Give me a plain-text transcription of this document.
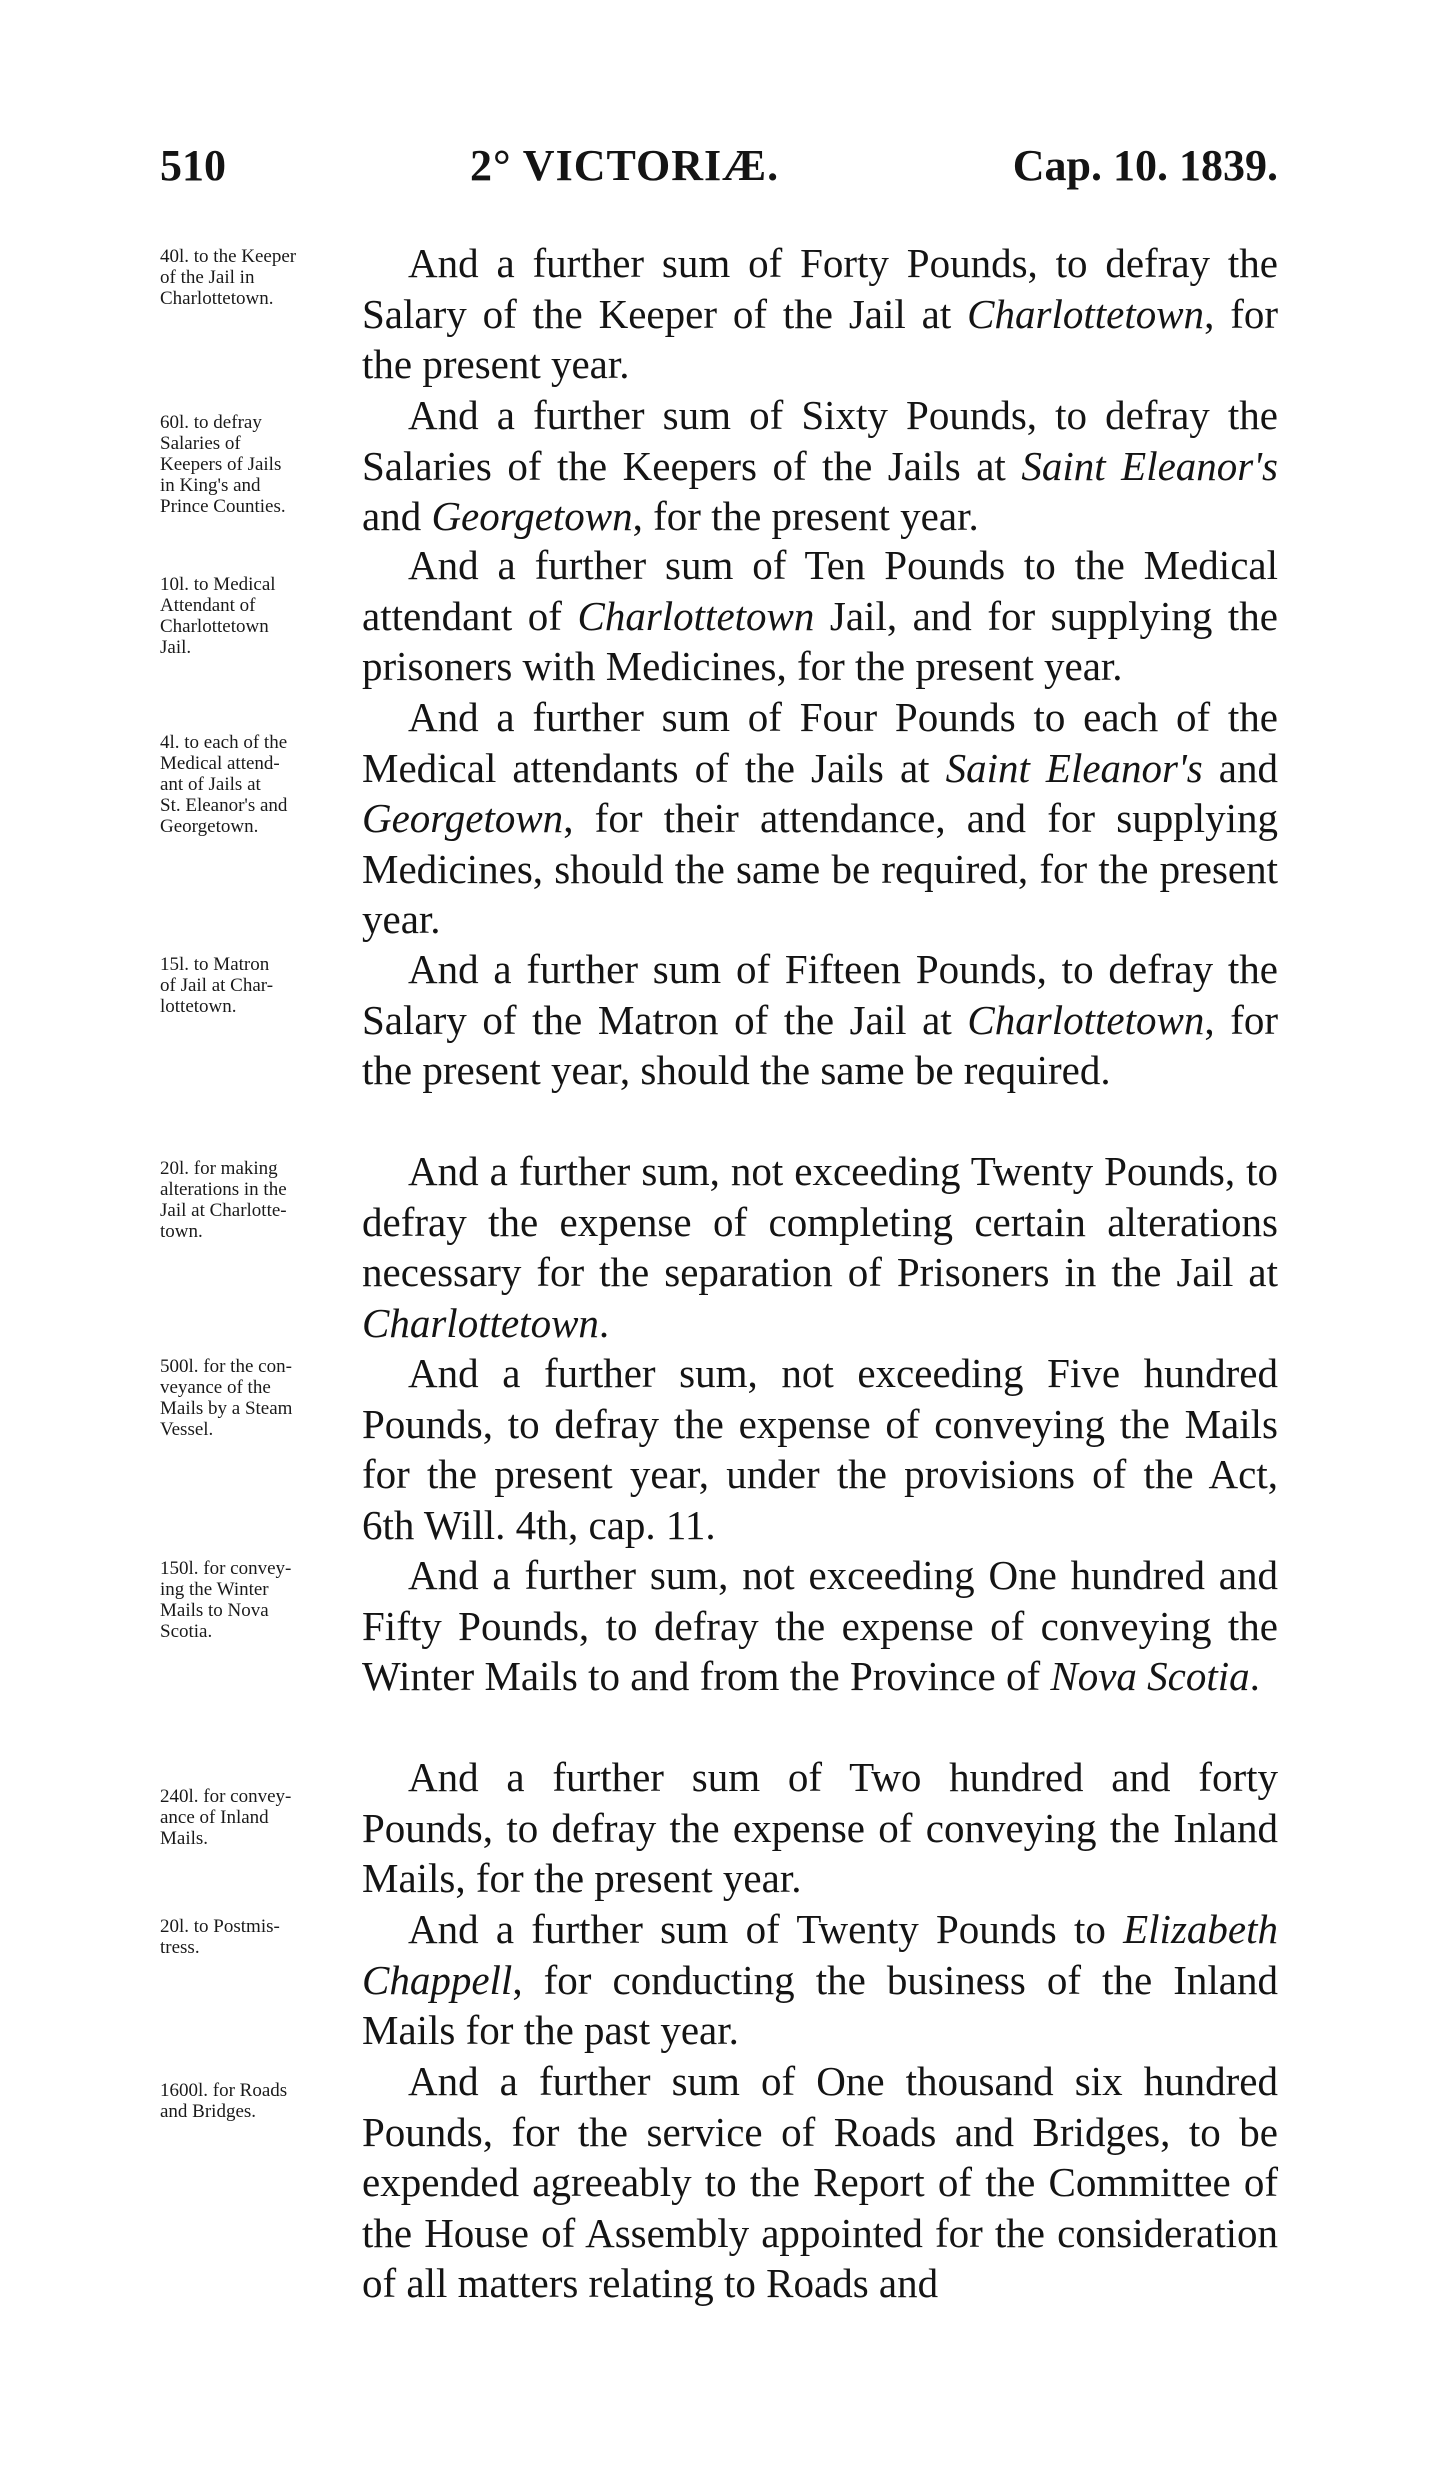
510	2° VICTORIÆ.	Cap. 10. 1839.
40l. to the Keeper
of the Jail in
Charlottetown.
And a further sum of Forty Pounds, to defray the Salary of the Keeper of the Jail at Charlottetown, for the present year.
60l. to defray
Salaries of
Keepers of Jails
in King's and
Prince Counties.
And a further sum of Sixty Pounds, to defray the Salaries of the Keepers of the Jails at Saint Eleanor's and Georgetown, for the present year.
10l. to Medical
Attendant of
Charlottetown
Jail.
And a further sum of Ten Pounds to the Medical attendant of Charlottetown Jail, and for supplying the prisoners with Medicines, for the present year.
4l. to each of the
Medical attend-
ant of Jails at
St. Eleanor's and
Georgetown.
And a further sum of Four Pounds to each of the Medical attendants of the Jails at Saint Eleanor's and Georgetown, for their attendance, and for supplying Medicines, should the same be required, for the present year.
15l. to Matron
of Jail at Char-
lottetown.
And a further sum of Fifteen Pounds, to defray the Salary of the Matron of the Jail at Charlottetown, for the present year, should the same be required.
20l. for making
alterations in the
Jail at Charlotte-
town.
And a further sum, not exceeding Twenty Pounds, to defray the expense of completing certain alterations necessary for the separation of Prisoners in the Jail at Charlottetown.
500l. for the con-
veyance of the
Mails by a Steam
Vessel.
And a further sum, not exceeding Five hundred Pounds, to defray the expense of conveying the Mails for the present year, under the provisions of the Act, 6th Will. 4th, cap. 11.
150l. for convey-
ing the Winter
Mails to Nova
Scotia.
And a further sum, not exceeding One hundred and Fifty Pounds, to defray the expense of conveying the Winter Mails to and from the Province of Nova Scotia.
240l. for convey-
ance of Inland
Mails.
And a further sum of Two hundred and forty Pounds, to defray the expense of conveying the Inland Mails, for the present year.
20l. to Postmis-
tress.	And a further sum of Twenty Pounds to Elizabeth Chappell, for conducting the business of the Inland Mails for the past year.
1600l. for Roads
and Bridges.
And a further sum of One thousand six hundred Pounds, for the service of Roads and Bridges, to be expended agreeably to the Report of the Committee of the House of Assembly appointed for the consideration of all matters relating to Roads and
